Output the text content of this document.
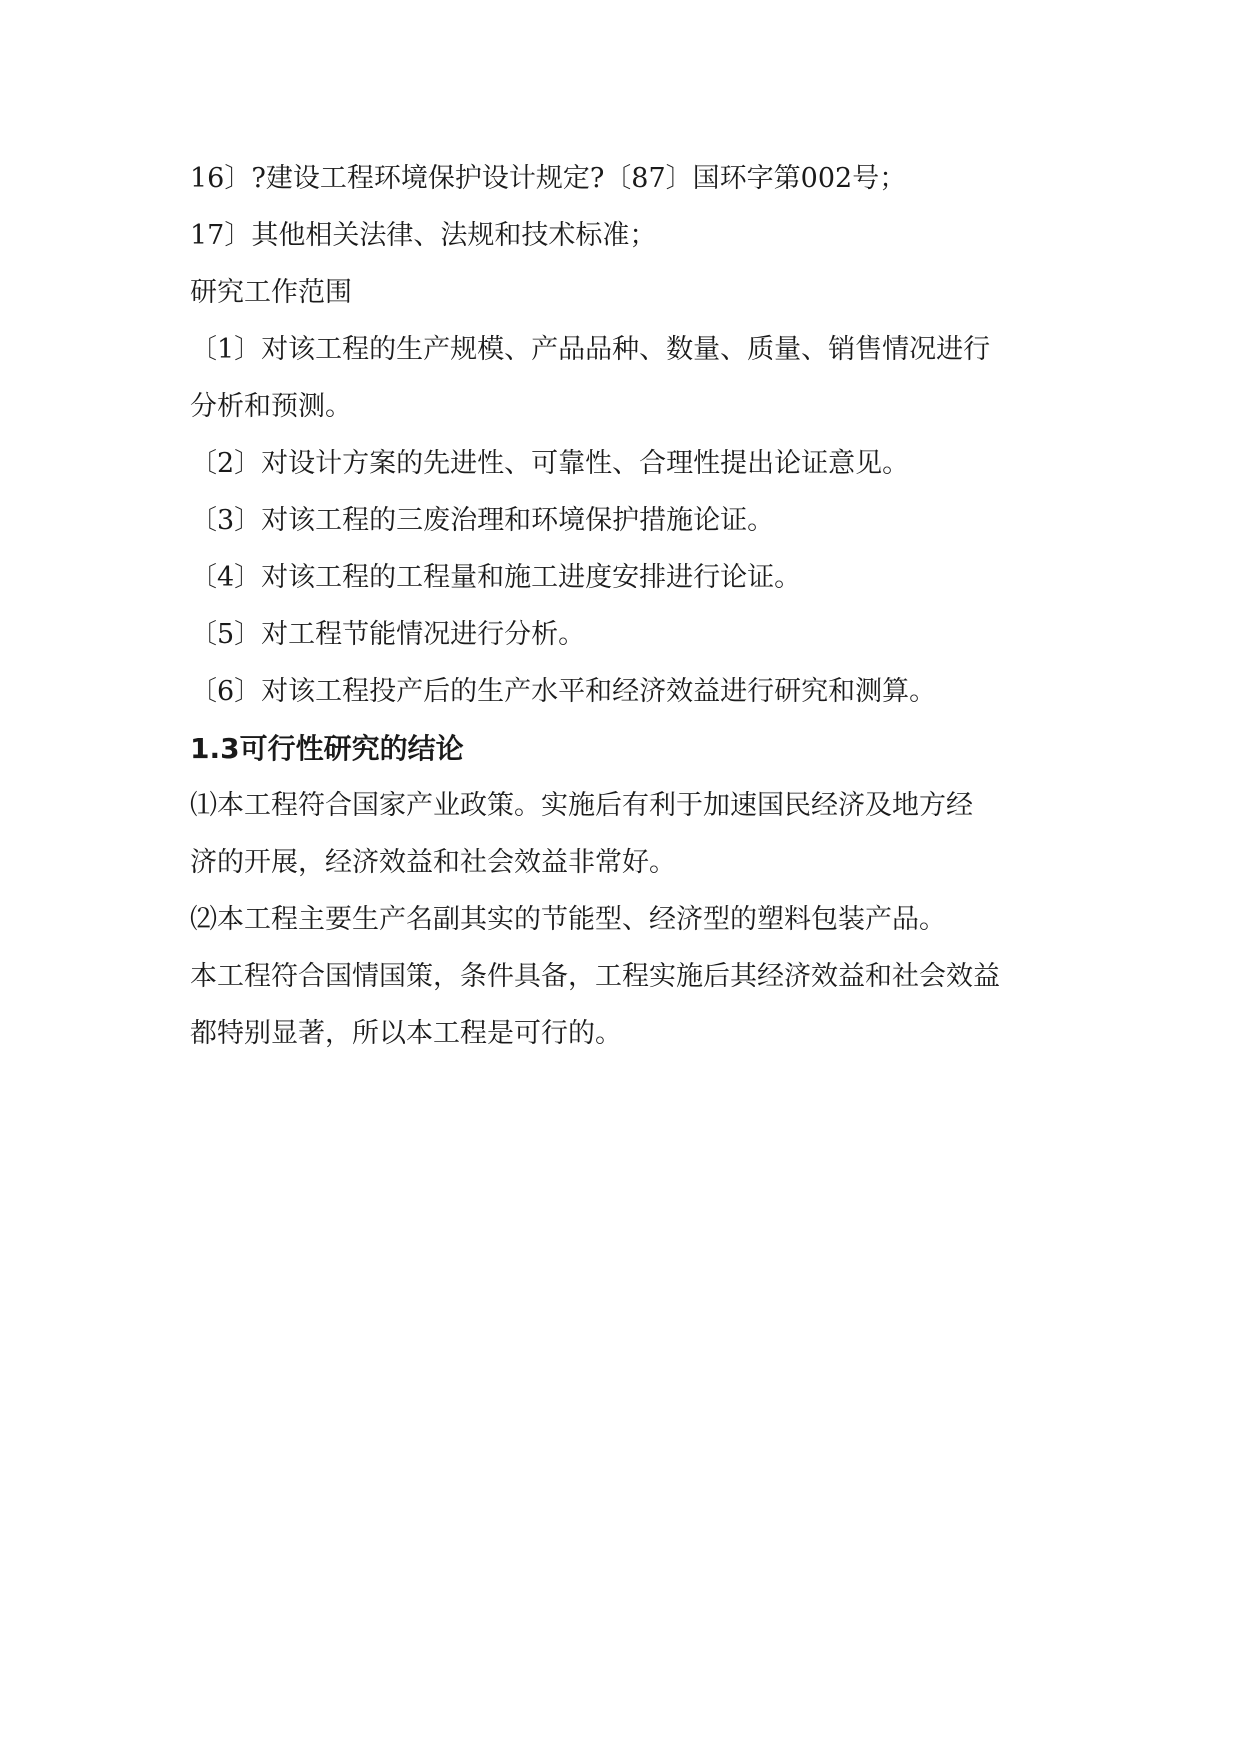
16〕?建设工程环境保护设计规定?〔87〕国环字第002号；

17〕其他相关法律、法规和技术标准；

研究工作范围

〔1〕对该工程的生产规模、产品品种、数量、质量、销售情况进行

分析和预测。

〔2〕对设计方案的先进性、可靠性、合理性提出论证意见。

〔3〕对该工程的三废治理和环境保护措施论证。

〔4〕对该工程的工程量和施工进度安排进行论证。

〔5〕对工程节能情况进行分析。

〔6〕对该工程投产后的生产水平和经济效益进行研究和测算。

1.3可行性研究的结论

⑴本工程符合国家产业政策。实施后有利于加速国民经济及地方经

济的开展，经济效益和社会效益非常好。

⑵本工程主要生产名副其实的节能型、经济型的塑料包装产品。

本工程符合国情国策，条件具备，工程实施后其经济效益和社会效益

都特别显著，所以本工程是可行的。
